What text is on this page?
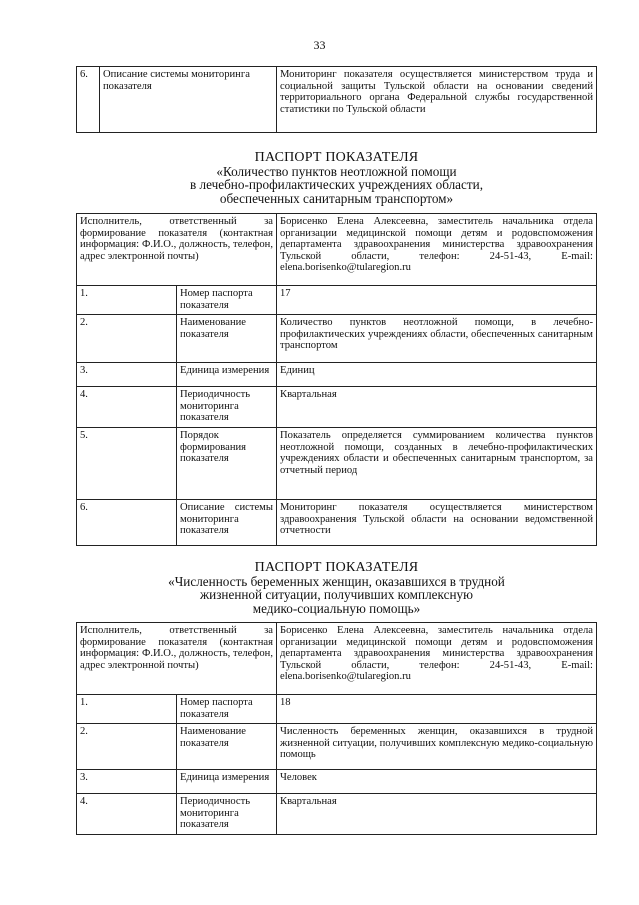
33
6.	Описание системы мониторинга показателя	Мониторинг показателя осуществляется министерством труда и социальной защиты Тульской области на основании сведений территориального органа Федеральной службы государственной статистики по Тульской области
ПАСПОРТ ПОКАЗАТЕЛЯ
«Количество пунктов неотложной помощи
в лечебно-профилактических учреждениях области,
обеспеченных санитарным транспортом»
Исполнитель, ответственный за формирование показателя (контактная информация: Ф.И.О., должность, телефон, адрес электронной почты)		Борисенко Елена Алексеевна, заместитель начальника отдела организации медицинской помощи детям и родовспоможения департамента здравоохранения министерства здравоохранения Тульской области, телефон: 24-51-43, E-mail: elena.borisenko@tularegion.ru
1.	Номер паспорта показателя	17
2.	Наименование показателя	Количество пунктов неотложной помощи, в лечебно-профилактических учреждениях области, обеспеченных санитарным транспортом
3.	Единица измерения	Единиц
4.	Периодичность мониторинга показателя	Квартальная
5.	Порядок формирования показателя	Показатель определяется суммированием количества пунктов неотложной помощи, созданных в лечебно-профилактических учреждениях области и обеспеченных санитарным транспортом, за отчетный период
6.	Описание системы мониторинга показателя	Мониторинг показателя осуществляется министерством здравоохранения Тульской области на основании ведомственной отчетности
ПАСПОРТ ПОКАЗАТЕЛЯ
«Численность беременных женщин, оказавшихся в трудной
жизненной ситуации, получивших комплексную
медико-социальную помощь»
Исполнитель, ответственный за формирование показателя (контактная информация: Ф.И.О., должность, телефон, адрес электронной почты)		Борисенко Елена Алексеевна, заместитель начальника отдела организации медицинской помощи детям и родовспоможения департамента здравоохранения министерства здравоохранения Тульской области, телефон: 24-51-43, E-mail: elena.borisenko@tularegion.ru
1.	Номер паспорта показателя	18
2.	Наименование показателя	Численность беременных женщин, оказавшихся в трудной жизненной ситуации, получивших комплексную медико-социальную помощь
3.	Единица измерения	Человек
4.	Периодичность мониторинга показателя	Квартальная
